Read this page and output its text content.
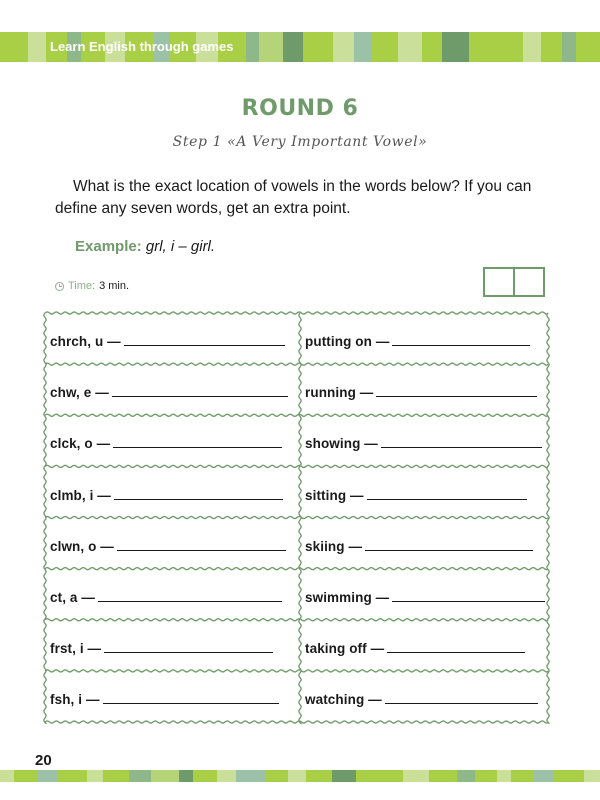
Learn English through games
ROUND 6
Step 1 «A Very Important Vowel»
What is the exact location of vowels in the words below? If you can define any seven words, get an extra point.
Example: grl, i – girl.
Time: 3 min.
chrch, u —
chw, e —
clck, o —
clmb, i —
clwn, o —
ct, a —
frst, i —
fsh, i —
putting on —
running —
showing —
sitting —
skiing —
swimming —
taking off —
watching —
20
